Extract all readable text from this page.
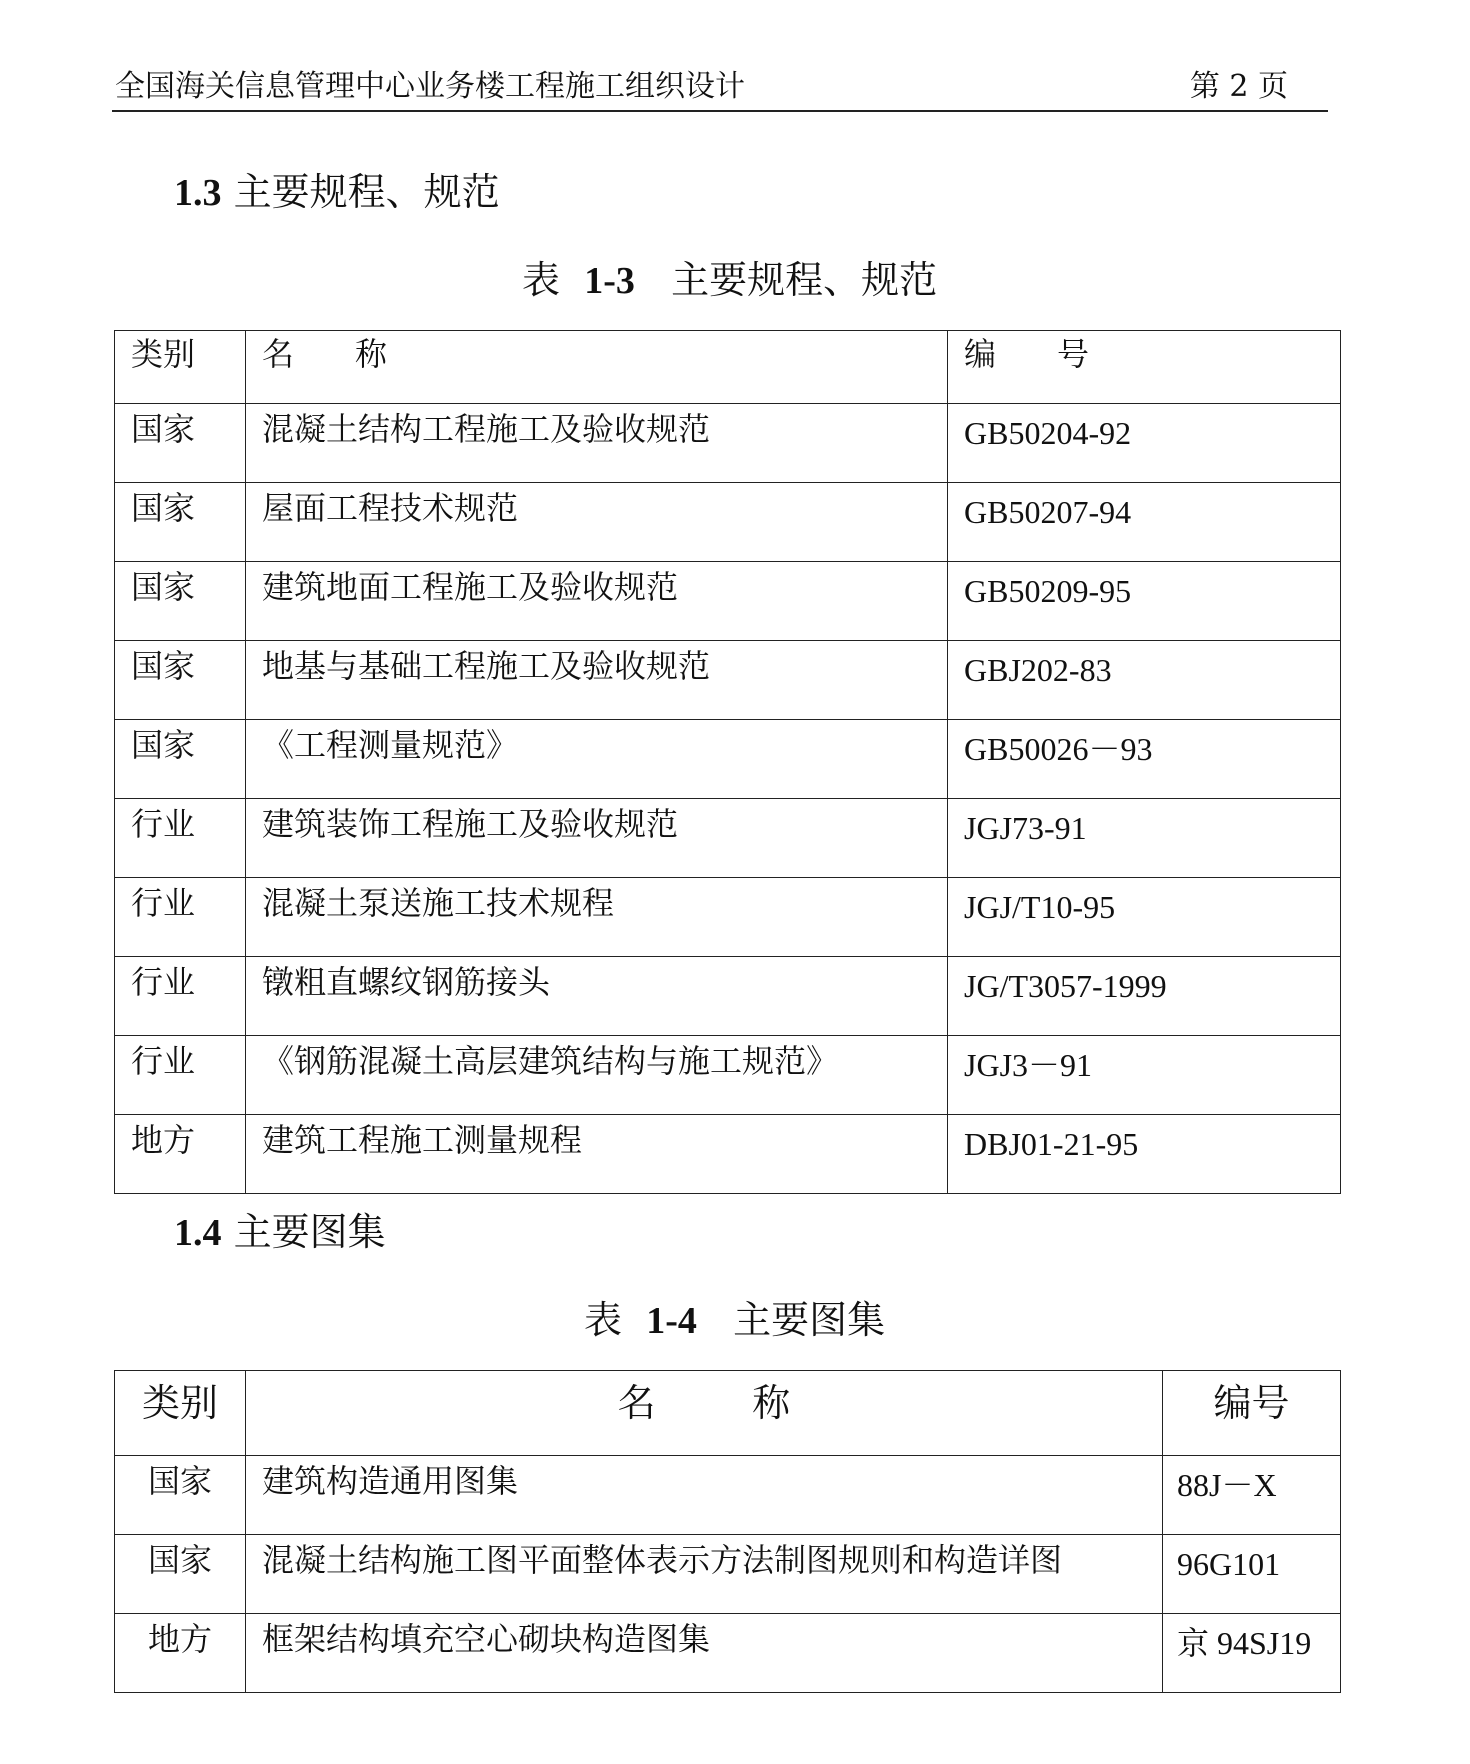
全国海关信息管理中心业务楼工程施工组织设计	第 2 页
1.3 主要规程、规范
表 1-3 主要规程、规范
类别	名      称	编      号
国家	混凝土结构工程施工及验收规范	GB50204-92
国家	屋面工程技术规范	GB50207-94
国家	建筑地面工程施工及验收规范	GB50209-95
国家	地基与基础工程施工及验收规范	GBJ202-83
国家	《工程测量规范》	GB50026－93
行业	建筑装饰工程施工及验收规范	JGJ73-91
行业	混凝土泵送施工技术规程	JGJ/T10-95
行业	镦粗直螺纹钢筋接头	JG/T3057-1999
行业	《钢筋混凝土高层建筑结构与施工规范》	JGJ3－91
地方	建筑工程施工测量规程	DBJ01-21-95
1.4 主要图集
表 1-4 主要图集
类别	名        称	编号
国家	建筑构造通用图集	88J－X
国家	混凝土结构施工图平面整体表示方法制图规则和构造详图	96G101
地方	框架结构填充空心砌块构造图集	京 94SJ19
